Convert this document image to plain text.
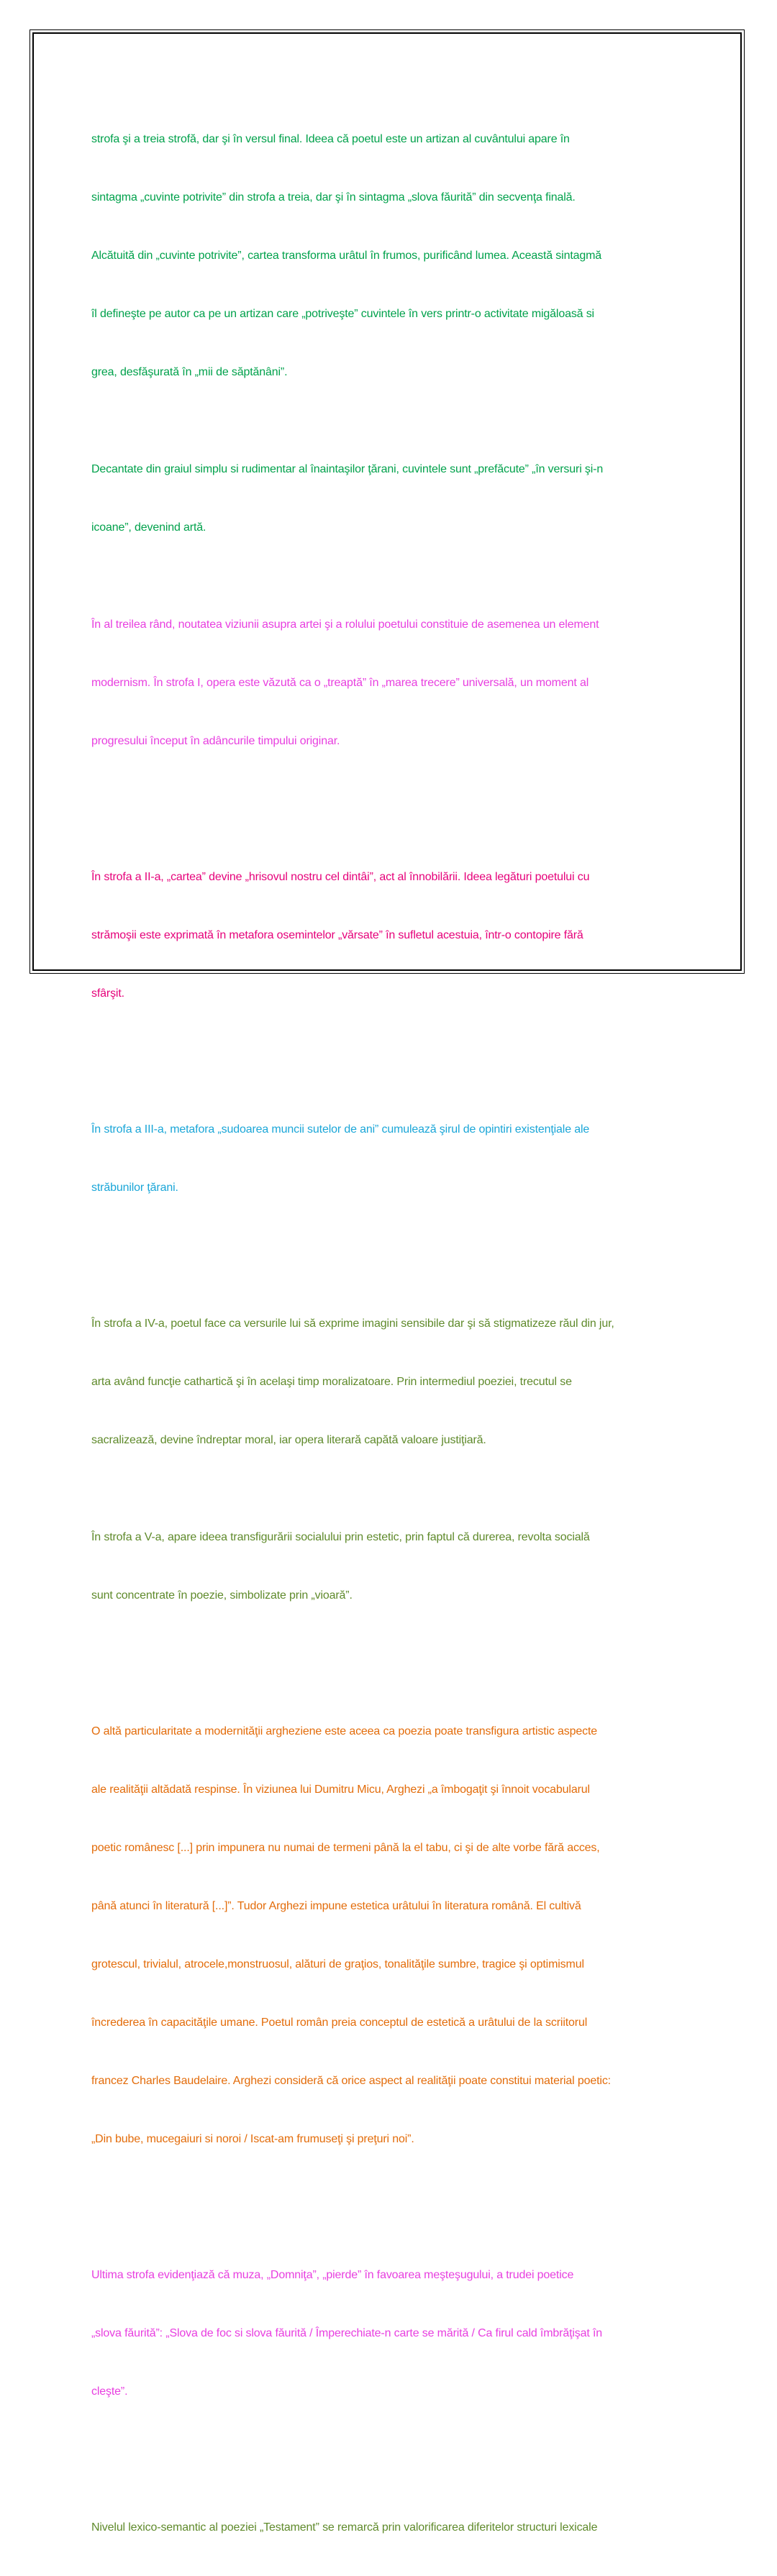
strofa şi a treia strofă, dar şi în versul final. Ideea că poetul este un artizan al cuvântului apare în

sintagma „cuvinte potrivite” din strofa a treia, dar şi în sintagma „slova făurită” din secvenţa finală.

Alcătuită din „cuvinte potrivite”, cartea transforma urâtul în frumos, purificând lumea. Această sintagmă

îl defineşte pe autor ca pe un artizan care „potriveşte” cuvintele în vers printr-o activitate migăloasă si

grea, desfăşurată în „mii de săptănâni”.

Decantate din graiul simplu si rudimentar al înaintaşilor ţărani, cuvintele sunt „prefăcute” „în versuri şi-n

icoane”, devenind artă.

În al treilea rând, noutatea viziunii asupra artei şi a rolului poetului constituie de asemenea un element

modernism. În strofa I, opera este văzută ca o „treaptă” în „marea trecere” universală, un moment al

progresului început în adâncurile timpului originar.

În strofa a II-a, „cartea” devine „hrisovul nostru cel dintâi”, act al înnobilării. Ideea legături poetului cu

strămoşii este exprimată în metafora osemintelor „vărsate” în sufletul acestuia, într-o contopire fără

sfârşit.

În strofa a III-a, metafora „sudoarea muncii sutelor de ani” cumulează şirul de opintiri existenţiale ale

străbunilor ţărani.

În strofa a IV-a, poetul face ca versurile lui să exprime imagini sensibile dar şi să stigmatizeze răul din jur,

arta având funcţie cathartică şi în acelaşi timp moralizatoare. Prin intermediul poeziei, trecutul se

sacralizează, devine îndreptar moral, iar opera literară capătă valoare justiţiară.

În strofa a V-a, apare ideea transfigurării socialului prin estetic, prin faptul că durerea, revolta socială

sunt concentrate în poezie, simbolizate prin „vioară”.

O altă particularitate a modernităţii argheziene este aceea ca poezia poate transfigura artistic aspecte

ale realităţii altădată respinse. În viziunea lui Dumitru Micu, Arghezi „a îmbogaţit şi înnoit vocabularul

poetic românesc [...] prin impunera nu numai de termeni până la el tabu, ci şi de alte vorbe fără acces,

până atunci în literatură [...]”. Tudor Arghezi impune estetica urâtului în literatura română. El cultivă

grotescul, trivialul, atrocele,monstruosul, alături de graţios, tonalităţile sumbre, tragice şi optimismul

încrederea în capacităţile umane. Poetul român preia conceptul de estetică a urâtului de la scriitorul

francez Charles Baudelaire. Arghezi consideră că orice aspect al realităţii poate constitui material poetic:

„Din bube, mucegaiuri si noroi / Iscat-am frumuseţi şi preţuri noi”.

Ultima strofa evidenţiază că muza, „Domniţa”, „pierde” în favoarea meşteşugului, a trudei poetice

„slova făurită”: „Slova de foc si slova făurită / Împerechiate-n carte se mărită / Ca firul cald îmbrăţişat în

cleşte”.

Nivelul lexico-semantic al poeziei „Testament” se remarcă prin valorificarea diferitelor structuri lexicale
